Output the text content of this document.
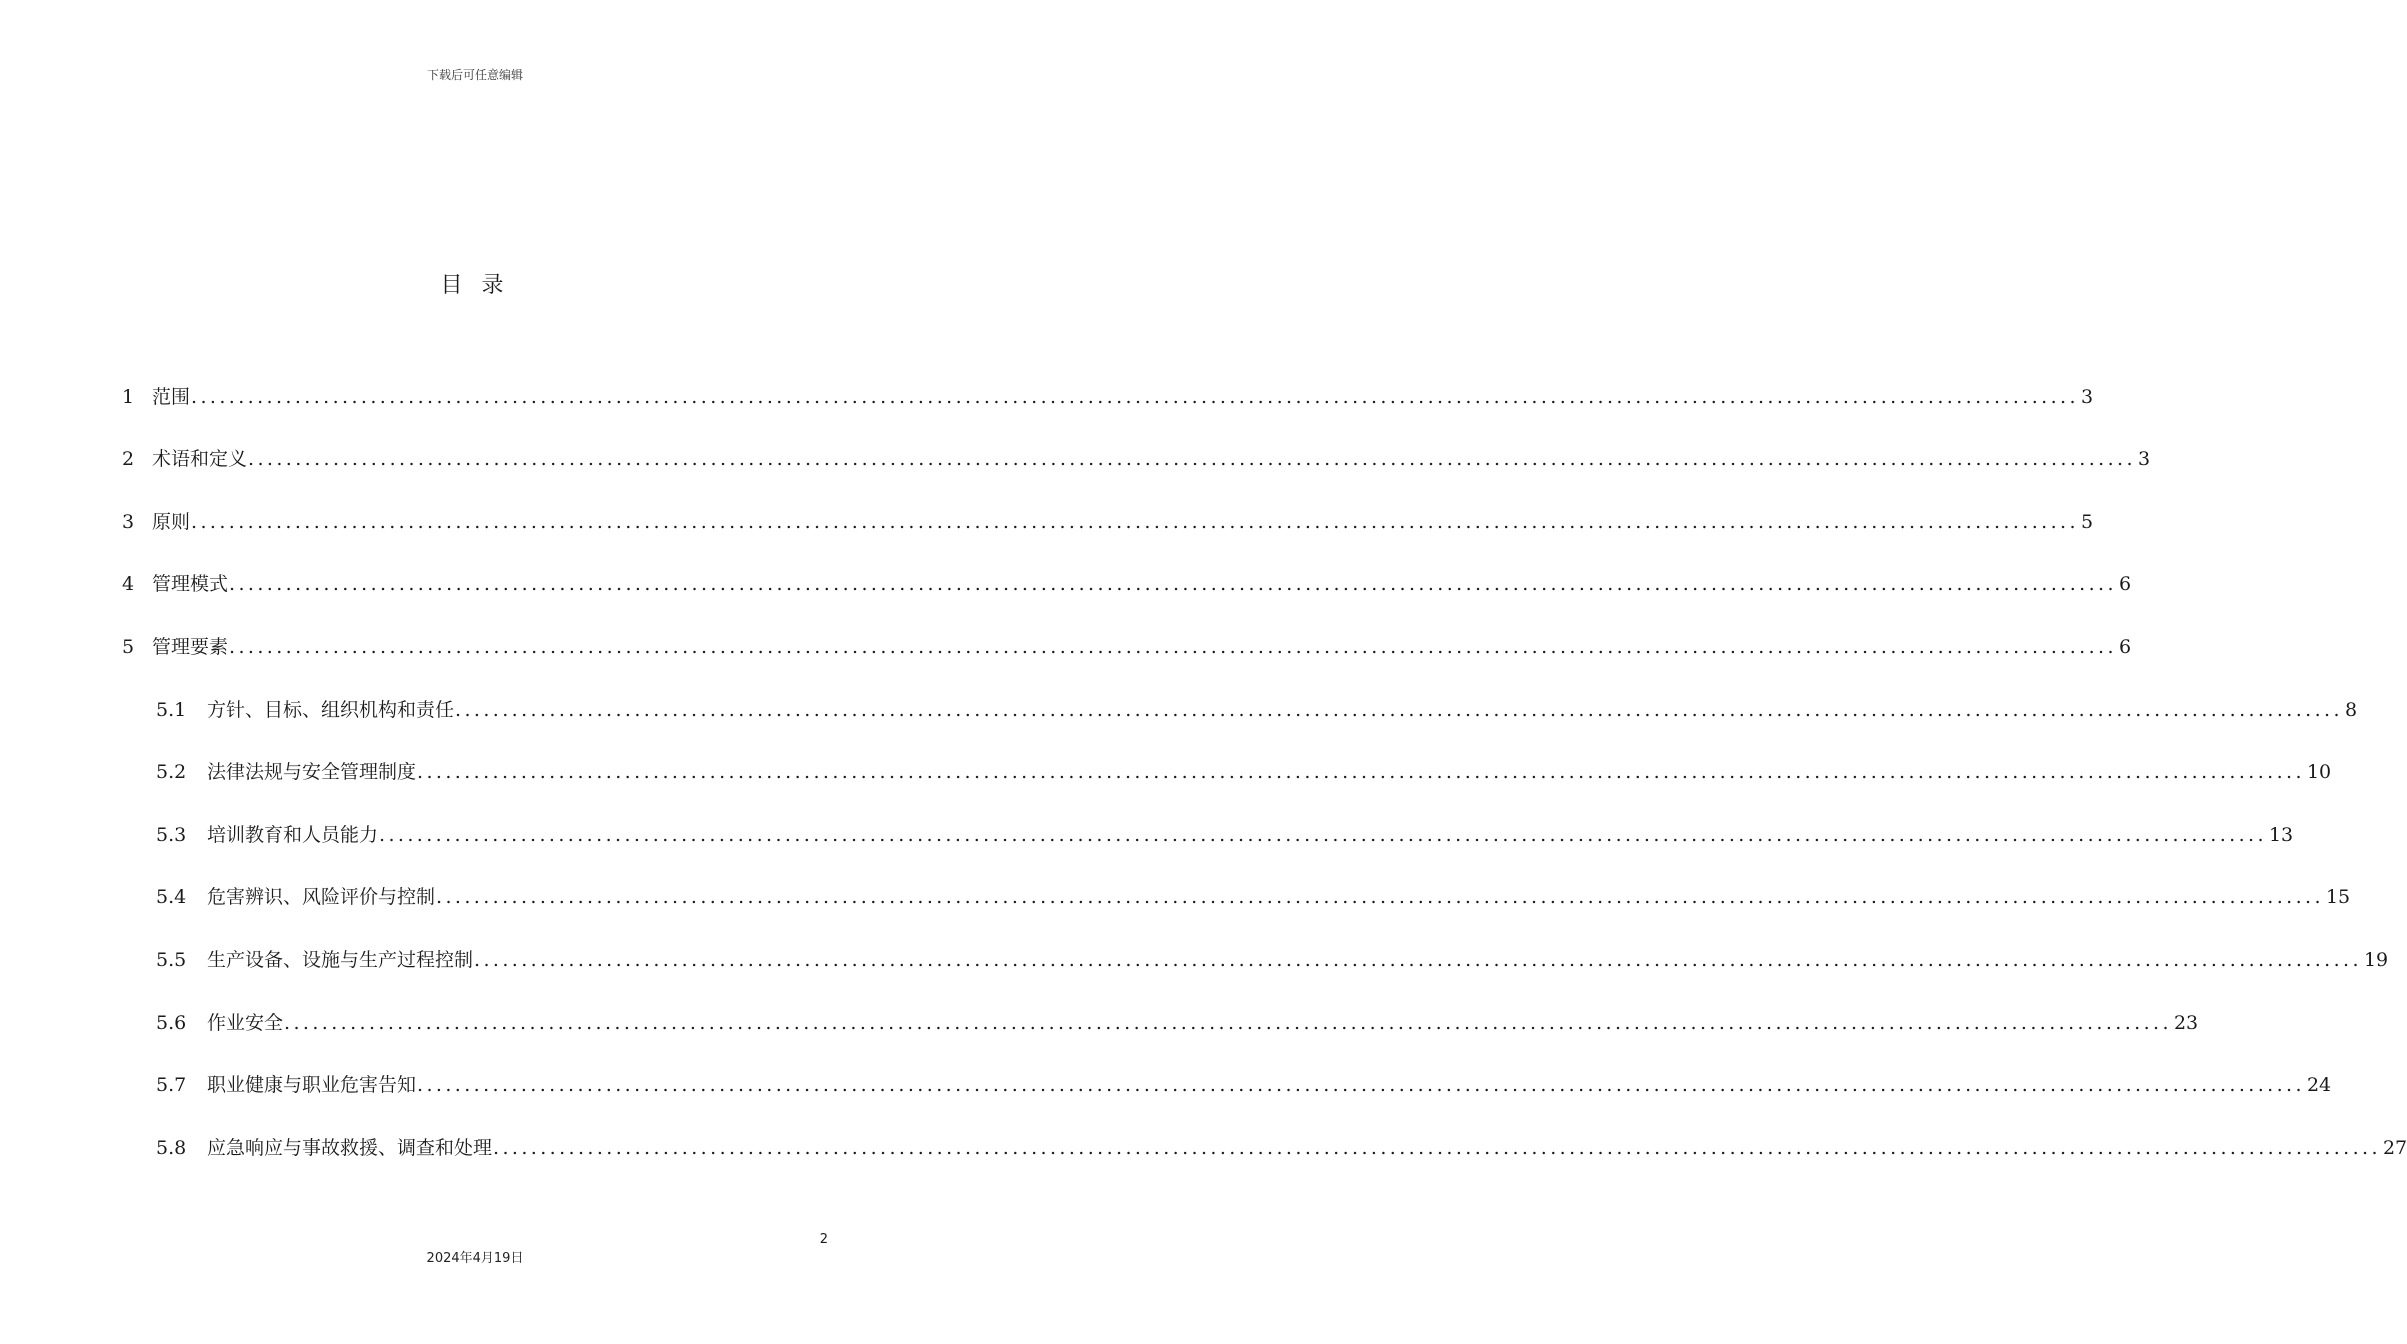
下载后可任意编辑
目 录
1 范围 ........................................................................................................................................................................................................ 3
2 术语和定义 ........................................................................................................................................................................................................ 3
3 原则 ........................................................................................................................................................................................................ 5
4 管理模式 ........................................................................................................................................................................................................ 6
5 管理要素 ........................................................................................................................................................................................................ 6
5.1	方针、目标、组织机构和责任 ........................................................................................................................................................................................................ 8
5.2	法律法规与安全管理制度 ........................................................................................................................................................................................................ 10
5.3	培训教育和人员能力 ........................................................................................................................................................................................................ 13
5.4	危害辨识、风险评价与控制 ........................................................................................................................................................................................................ 15
5.5	生产设备、设施与生产过程控制 ........................................................................................................................................................................................................ 19
5.6	作业安全 ........................................................................................................................................................................................................ 23
5.7	职业健康与职业危害告知 ........................................................................................................................................................................................................ 24
5.8	应急响应与事故救援、调查和处理 ........................................................................................................................................................................................................ 27
2
2024年4月19日
